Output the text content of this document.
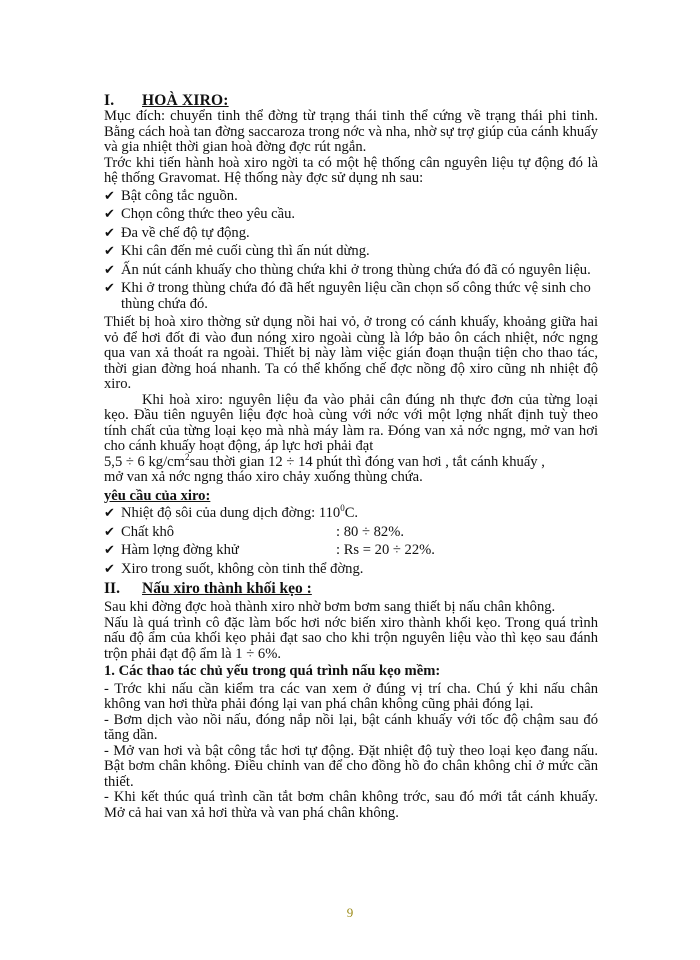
I. HOÀ XIRO:

Mục đích: chuyển tinh thể đờng từ trạng thái tinh thể cứng về trạng thái phi tinh. Bằng cách hoà tan đờng saccaroza trong nớc và nha, nhờ sự trợ giúp của cánh khuấy và gia nhiệt thời gian hoà đờng đợc rút ngắn.

Trớc khi tiến hành hoà xiro ngời ta có một hệ thống cân nguyên liệu tự động đó là hệ thống Gravomat. Hệ thống này đợc sử dụng nh sau:

✔ Bật công tắc nguồn.
✔ Chọn công thức theo yêu cầu.
✔ Đa về chế độ tự động.
✔ Khi cân đến mẻ cuối cùng thì ấn nút dừng.
✔ Ấn nút cánh khuấy cho thùng chứa khi ở trong thùng chứa đó đã có nguyên liệu.
✔ Khi ở trong thùng chứa đó đã hết nguyên liệu cần chọn số công thức vệ sinh cho thùng chứa đó.

Thiết bị hoà xiro thờng sử dụng nồi hai vỏ, ở trong có cánh khuấy, khoảng giữa hai vỏ để hơi đốt đi vào đun nóng xiro ngoài cùng là lớp bảo ôn cách nhiệt, nớc ngng qua van xả thoát ra ngoài. Thiết bị này làm việc gián đoạn thuận tiện cho thao tác, thời gian đờng hoá nhanh. Ta có thể khống chế đợc nồng độ xiro cũng nh nhiệt độ xiro.

Khi hoà xiro: nguyên liệu đa vào phải cân đúng nh thực đơn của từng loại kẹo. Đầu tiên nguyên liệu đợc hoà cùng với nớc với một lợng nhất định tuỳ theo tính chất của từng loại kẹo mà nhà máy làm ra. Đóng van xả nớc ngng, mở van hơi cho cánh khuấy hoạt động, áp lực hơi phải đạt

5,5 ÷ 6 $kg/cm^2sau$ thời gian 12 ÷ 14 phút thì đóng van hơi , tắt cánh khuấy ,

mở van xả nớc ngng tháo xiro chảy xuống thùng chứa.

yêu cầu của xiro:
✔ Nhiệt độ sôi của dung dịch đờng: $110^0C$.
✔ Chất khô	: 80 ÷ 82%.
✔ Hàm lợng đờng khử	: Rs = 20 ÷ 22%.
✔ Xiro trong suốt, không còn tinh thể đờng.
II. Nấu xiro thành khối kẹo :

Sau khi đờng đợc hoà thành xiro nhờ bơm bơm sang thiết bị nấu chân không.

Nấu là quá trình cô đặc làm bốc hơi nớc biến xiro thành khối kẹo. Trong quá trình nấu độ ẩm của khối kẹo phải đạt sao cho khi trộn nguyên liệu vào thì kẹo sau đánh trộn phải đạt độ ẩm là 1 ÷ 6%.

1. Các thao tác chủ yếu trong quá trình nấu kẹo mềm:

- Trớc khi nấu cần kiểm tra các van xem ở đúng vị trí cha. Chú ý khi nấu chân không van hơi thừa phải đóng lại van phá chân không cũng phải đóng lại.

- Bơm dịch vào nồi nấu, đóng nắp nồi lại, bật cánh khuấy với tốc độ chậm sau đó tăng dần.

- Mở van hơi và bật công tắc hơi tự động. Đặt nhiệt độ tuỳ theo loại kẹo đang nấu. Bật bơm chân không. Điều chỉnh van để cho đồng hồ đo chân không chỉ ở mức cần thiết.

- Khi kết thúc quá trình cần tắt bơm chân không trớc, sau đó mới tắt cánh khuấy. Mở cả hai van xả hơi thừa và van phá chân không.

9
